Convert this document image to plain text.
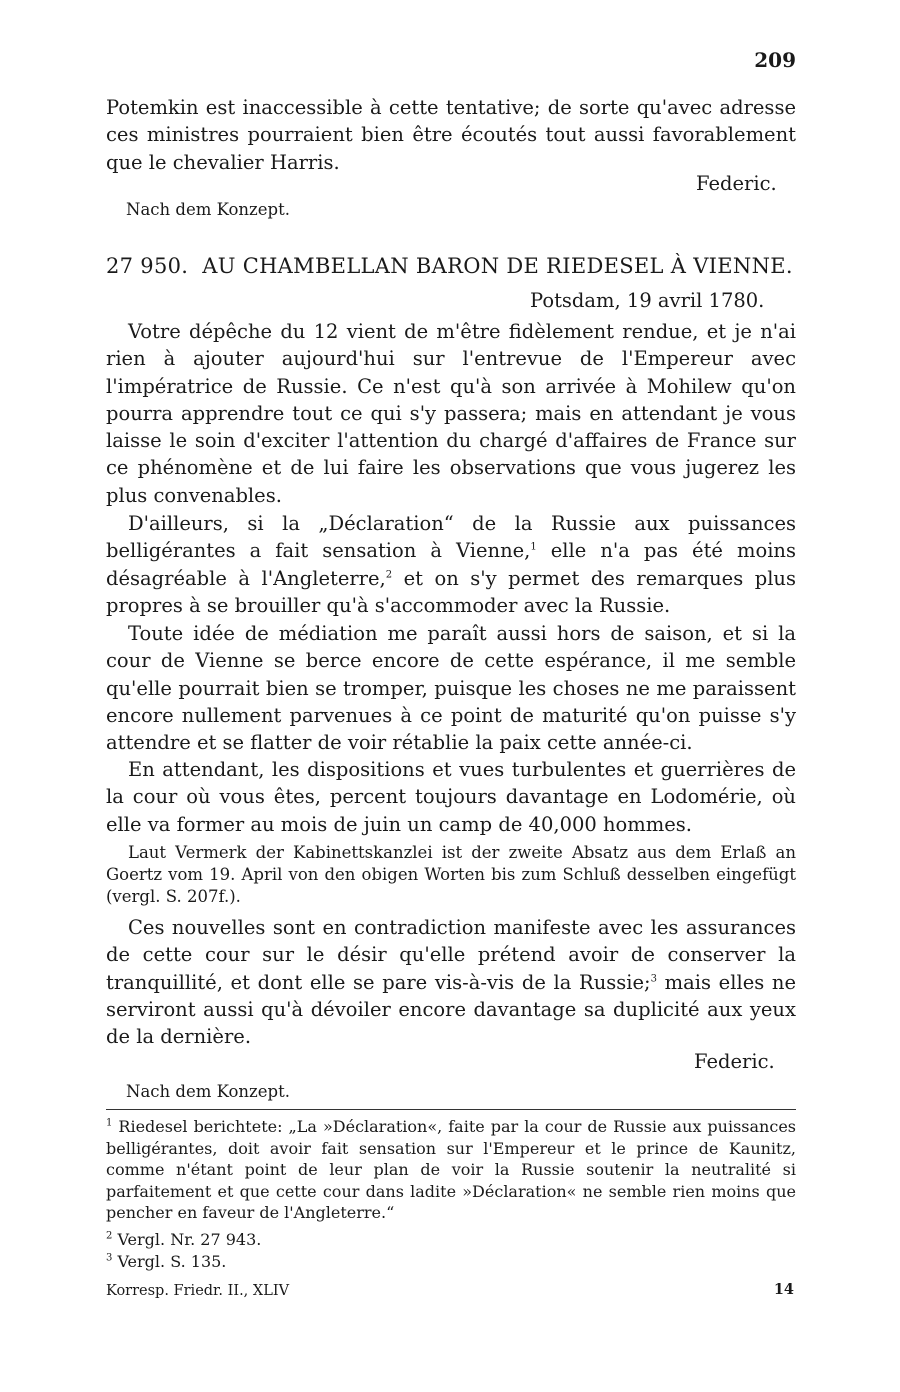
209
Potemkin est inaccessible à cette tentative; de sorte qu'avec adresse ces ministres pourraient bien être écoutés tout aussi favorablement que le chevalier Harris.
Federic.
Nach dem Konzept.
27 950. AU CHAMBELLAN BARON DE RIEDESEL À VIENNE.
Potsdam, 19 avril 1780.
Votre dépêche du 12 vient de m'être fidèlement rendue, et je n'ai rien à ajouter aujourd'hui sur l'entrevue de l'Empereur avec l'impératrice de Russie. Ce n'est qu'à son arrivée à Mohilew qu'on pourra apprendre tout ce qui s'y passera; mais en attendant je vous laisse le soin d'exciter l'attention du chargé d'affaires de France sur ce phénomène et de lui faire les observations que vous jugerez les plus convenables.
D'ailleurs, si la „Déclaration“ de la Russie aux puissances belligérantes a fait sensation à Vienne,$^1$ elle n'a pas été moins désagréable à l'Angleterre,$^2$ et on s'y permet des remarques plus propres à se brouiller qu'à s'accommoder avec la Russie.
Toute idée de médiation me paraît aussi hors de saison, et si la cour de Vienne se berce encore de cette espérance, il me semble qu'elle pourrait bien se tromper, puisque les choses ne me paraissent encore nullement parvenues à ce point de maturité qu'on puisse s'y attendre et se flatter de voir rétablie la paix cette année-ci.
En attendant, les dispositions et vues turbulentes et guerrières de la cour où vous êtes, percent toujours davantage en Lodomérie, où elle va former au mois de juin un camp de 40,000 hommes.
Laut Vermerk der Kabinettskanzlei ist der zweite Absatz aus dem Erlaß an Goertz vom 19. April von den obigen Worten bis zum Schluß desselben eingefügt (vergl. S. 207f.).
Ces nouvelles sont en contradiction manifeste avec les assurances de cette cour sur le désir qu'elle prétend avoir de conserver la tranquillité, et dont elle se pare vis-à-vis de la Russie;$^3$ mais elles ne serviront aussi qu'à dévoiler encore davantage sa duplicité aux yeux de la dernière.
Federic.
Nach dem Konzept.
$^1$ Riedesel berichtete: „La »Déclaration«, faite par la cour de Russie aux puissances belligérantes, doit avoir fait sensation sur l'Empereur et le prince de Kaunitz, comme n'étant point de leur plan de voir la Russie soutenir la neutralité si parfaitement et que cette cour dans ladite »Déclaration« ne semble rien moins que pencher en faveur de l'Angleterre.“
$^2$ Vergl. Nr. 27 943.
$^3$ Vergl. S. 135.
Korresp. Friedr. II., XLIV	14
